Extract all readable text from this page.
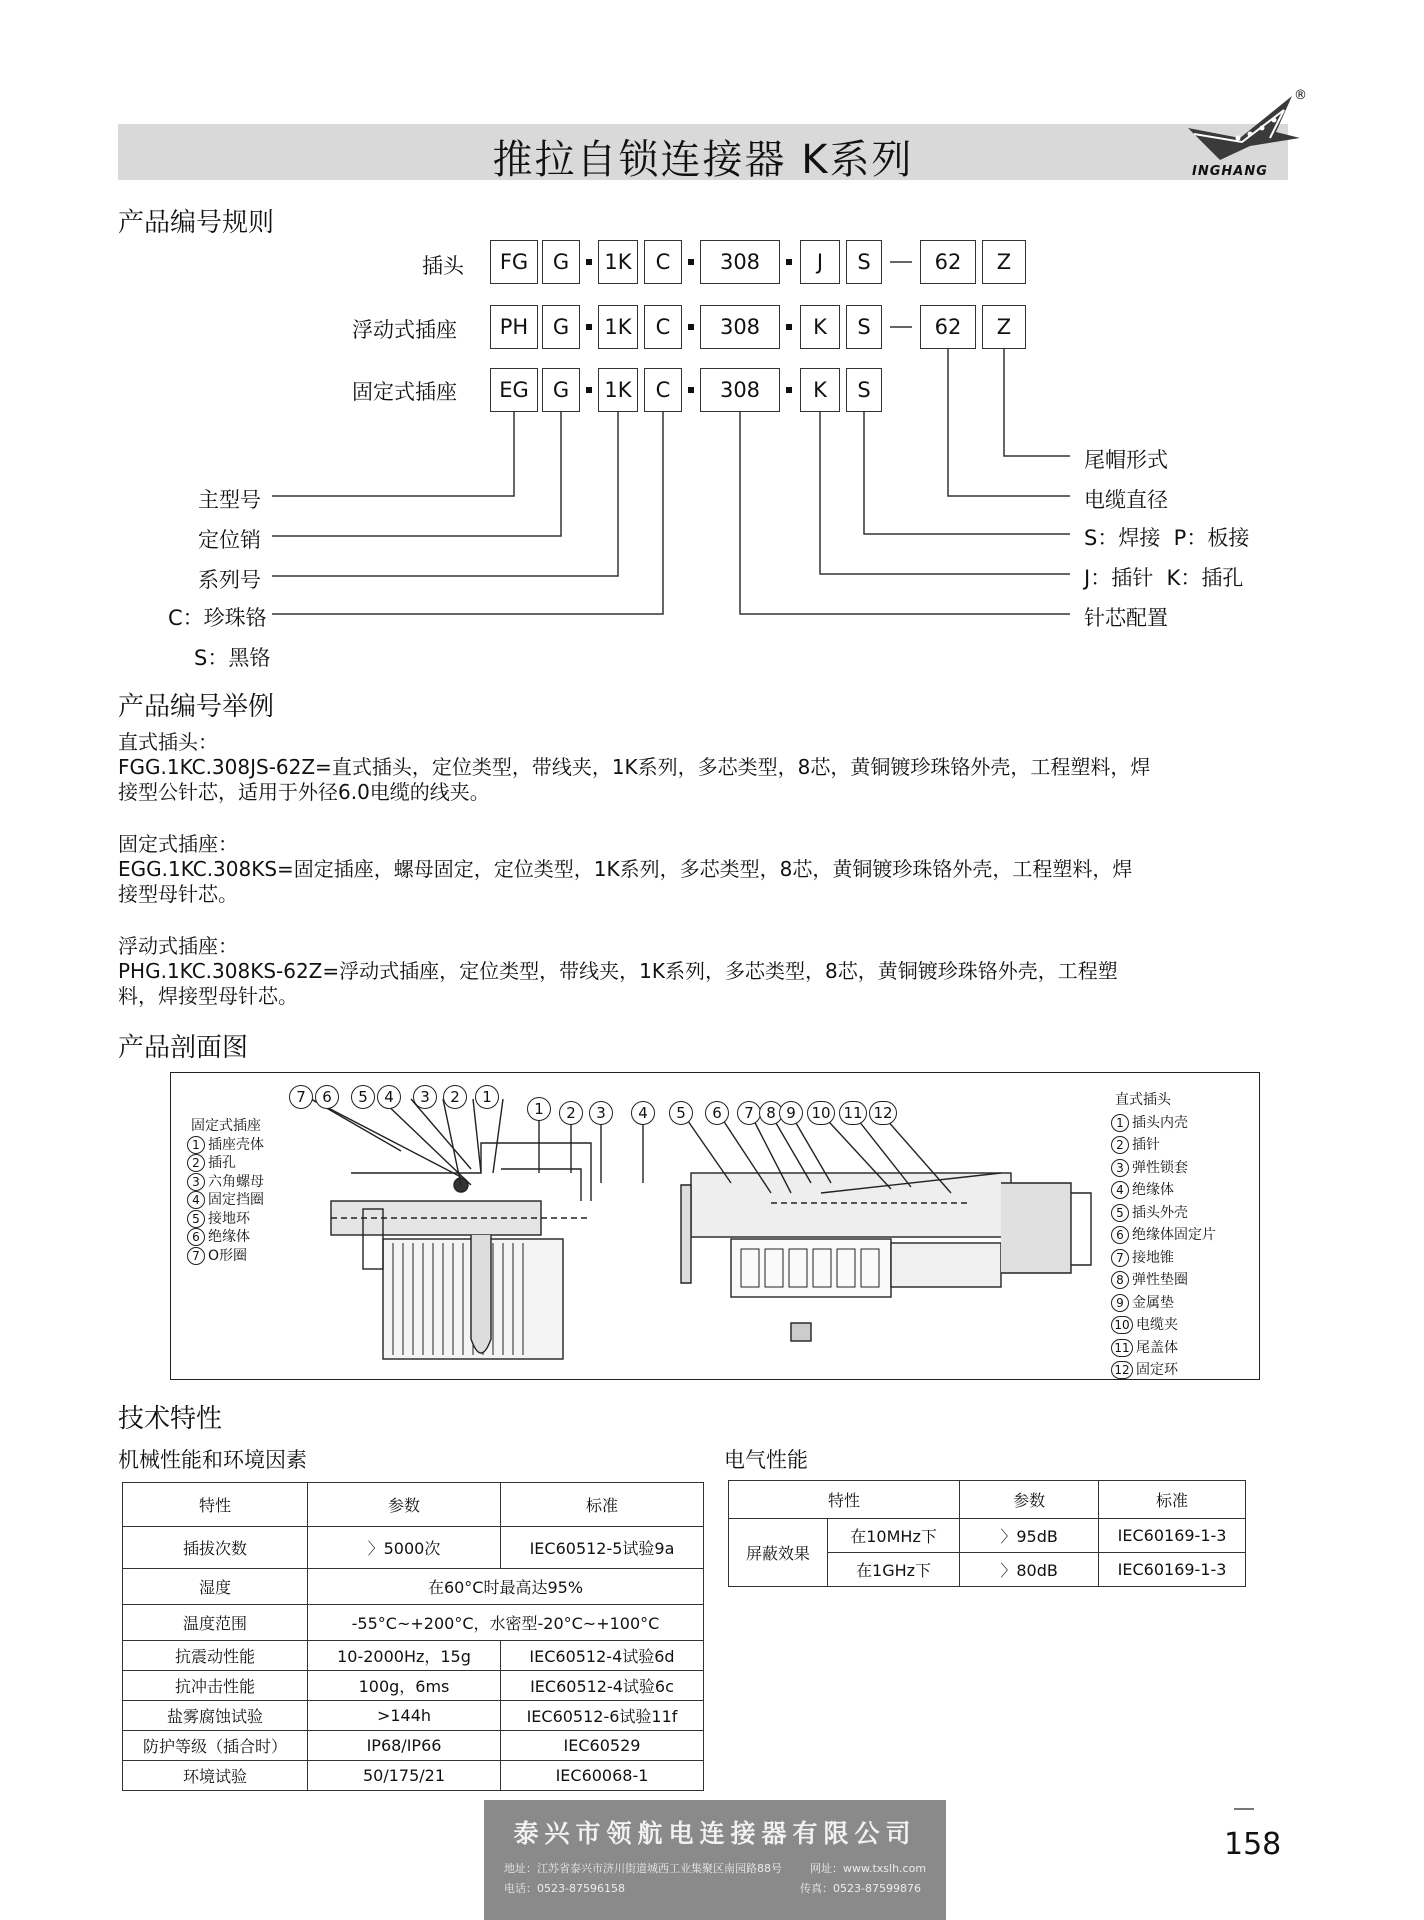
推拉自锁连接器 K系列	INGHANG
®
产品编号规则
插头
浮动式插座
固定式插座
FG	G	1K	C	308	J	S	62	Z
PH	G	1K	C	308	K	S	62	Z
EG	G	1K	C	308	K	S
主型号
定位销
系列号
C：珍珠铬
S：黑铬
尾帽形式
电缆直径
S：焊接  P：板接
J：插针  K：插孔
针芯配置
产品编号举例
直式插头：
FGG.1KC.308JS-62Z=直式插头，定位类型，带线夹，1K系列，多芯类型，8芯，黄铜镀珍珠铬外壳，工程塑料，焊
接型公针芯，适用于外径6.0电缆的线夹。
固定式插座：
EGG.1KC.308KS=固定插座，螺母固定，定位类型，1K系列，多芯类型，8芯，黄铜镀珍珠铬外壳，工程塑料，焊
接型母针芯。
浮动式插座：
PHG.1KC.308KS-62Z=浮动式插座，定位类型，带线夹，1K系列，多芯类型，8芯，黄铜镀珍珠铬外壳，工程塑
料，焊接型母针芯。
产品剖面图
固定式插座
1 插座壳体
2 插孔
3 六角螺母
4 固定挡圈
5 接地环
6 绝缘体
7 O形圈
7	6	5	4	3	2	1
1	2	3	4	5	6	7 8 9	10 11 12
直式插头
1 插头内壳
2 插针
3 弹性锁套
4 绝缘体
5 插头外壳
6 绝缘体固定片
7 接地锥
8 弹性垫圈
9 金属垫
10 电缆夹
11 尾盖体
12 固定环
技术特性
机械性能和环境因素	电气性能
特性	参数	标准
插拔次数	〉5000次	IEC60512-5试验9a
湿度	在60°C时最高达95%	
温度范围	-55°C~+200°C，水密型-20°C~+100°C	
抗震动性能	10-2000Hz，15g	IEC60512-4试验6d
抗冲击性能	100g，6ms	IEC60512-4试验6c
盐雾腐蚀试验	>144h	IEC60512-6试验11f
防护等级（插合时）	IP68/IP66	IEC60529
环境试验	50/175/21	IEC60068-1
特性		参数	标准
屏蔽效果	在10MHz下	〉95dB	IEC60169-1-3
	在1GHz下	〉80dB	IEC60169-1-3
泰兴市领航电连接器有限公司
地址：江苏省泰兴市济川街道城西工业集聚区南园路88号	网址：www.txslh.com
电话：0523-87596158	传真：0523-87599876
158
